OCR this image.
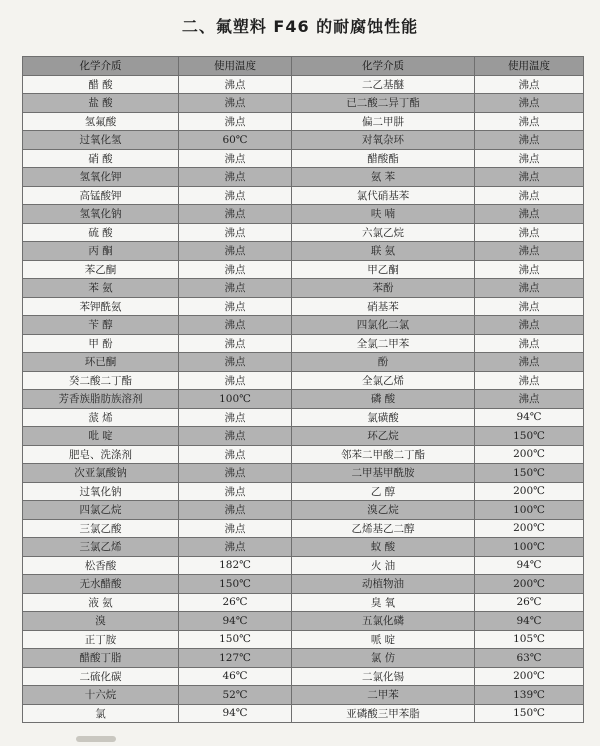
二、氟塑料 F46 的耐腐蚀性能
化学介质	使用温度	化学介质	使用温度
醋 酸	沸点	二乙基醚	沸点
盐 酸	沸点	已二酸二异丁酯	沸点
氢氟酸	沸点	偏二甲肼	沸点
过氧化氢	60℃	对氧杂环	沸点
硝 酸	沸点	醋酸酯	沸点
氢氧化钾	沸点	氨 苯	沸点
高锰酸钾	沸点	氯代硝基苯	沸点
氢氧化钠	沸点	呋 喃	沸点
硫 酸	沸点	六氯乙烷	沸点
丙 酮	沸点	联 氨	沸点
苯乙酮	沸点	甲乙酮	沸点
苯 氨	沸点	苯酚	沸点
苯钾酰氨	沸点	硝基苯	沸点
苄 醇	沸点	四氯化二氯	沸点
甲 酚	沸点	全氯二甲苯	沸点
环已酮	沸点	酚	沸点
癸二酸二丁酯	沸点	全氯乙烯	沸点
芳香族脂肪族溶剂	100℃	磷 酸	沸点
蒎 烯	沸点	氯磺酸	94℃
吡 啶	沸点	环乙烷	150℃
肥皂、洗涤剂	沸点	邻苯二甲酸二丁酯	200℃
次亚氯酸钠	沸点	二甲基甲酰胺	150℃
过氧化钠	沸点	乙 醇	200℃
四氯乙烷	沸点	溴乙烷	100℃
三氯乙酸	沸点	乙烯基乙二醇	200℃
三氯乙烯	沸点	蚁 酸	100℃
松香酸	182℃	火 油	94℃
无水醋酸	150℃	动植物油	200℃
液 氨	26℃	臭 氧	26℃
溴	94℃	五氯化磷	94℃
正丁胺	150℃	哌 啶	105℃
醋酸丁脂	127℃	氯 仿	63℃
二硫化碳	46℃	二氯化锡	200℃
十六烷	52℃	二甲苯	139℃
氯	94℃	亚磷酸三甲苯脂	150℃
